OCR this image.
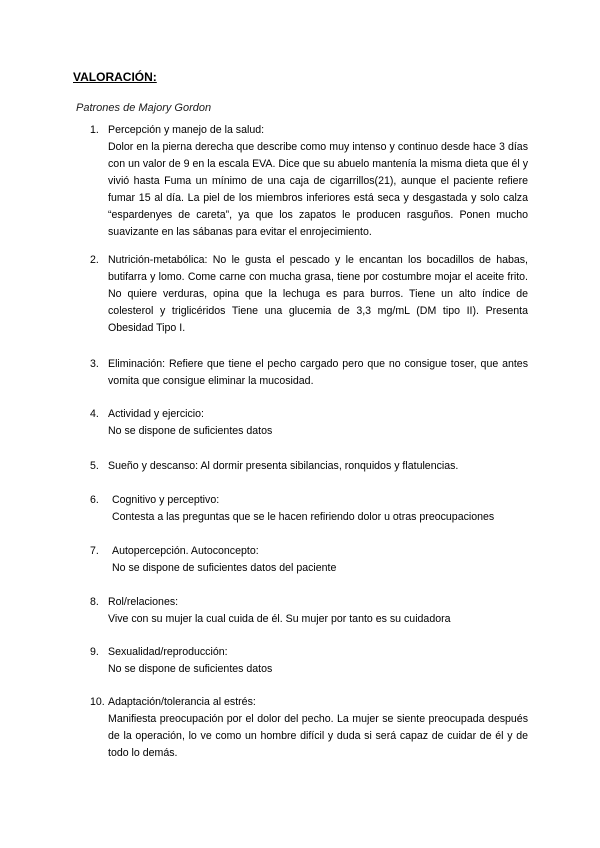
VALORACIÓN:
Patrones de Majory Gordon
1. Percepción y manejo de la salud:
Dolor en la pierna derecha que describe como muy intenso y continuo desde hace 3 días con un valor de 9 en la escala EVA. Dice que su abuelo mantenía la misma dieta que él y vivió hasta Fuma un mínimo de una caja de cigarrillos(21), aunque el paciente refiere fumar 15 al día. La piel de los miembros inferiores está seca y desgastada y solo calza “espardenyes de careta”, ya que los zapatos le producen rasguños. Ponen mucho suavizante en las sábanas para evitar el enrojecimiento.
2. Nutrición-metabólica: No le gusta el pescado y le encantan los bocadillos de habas, butifarra y lomo. Come carne con mucha grasa, tiene por costumbre mojar el aceite frito. No quiere verduras, opina que la lechuga es para burros. Tiene un alto índice de colesterol y triglicéridos Tiene una glucemia de 3,3 mg/mL (DM tipo II). Presenta Obesidad Tipo I.
3. Eliminación: Refiere que tiene el pecho cargado pero que no consigue toser, que antes vomita que consigue eliminar la mucosidad.
4. Actividad y ejercicio:
No se dispone de suficientes datos
5. Sueño y descanso: Al dormir presenta sibilancias, ronquidos y flatulencias.
6. Cognitivo y perceptivo:
Contesta a las preguntas que se le hacen refiriendo dolor u otras preocupaciones
7. Autopercepción. Autoconcepto:
No se dispone de suficientes datos del paciente
8. Rol/relaciones:
Vive con su mujer la cual cuida de él. Su mujer por tanto es su cuidadora
9. Sexualidad/reproducción:
No se dispone de suficientes datos
10. Adaptación/tolerancia al estrés:
Manifiesta preocupación por el dolor del pecho. La mujer se siente preocupada después de la operación, lo ve como un hombre difícil y duda si será capaz de cuidar de él y de todo lo demás.
